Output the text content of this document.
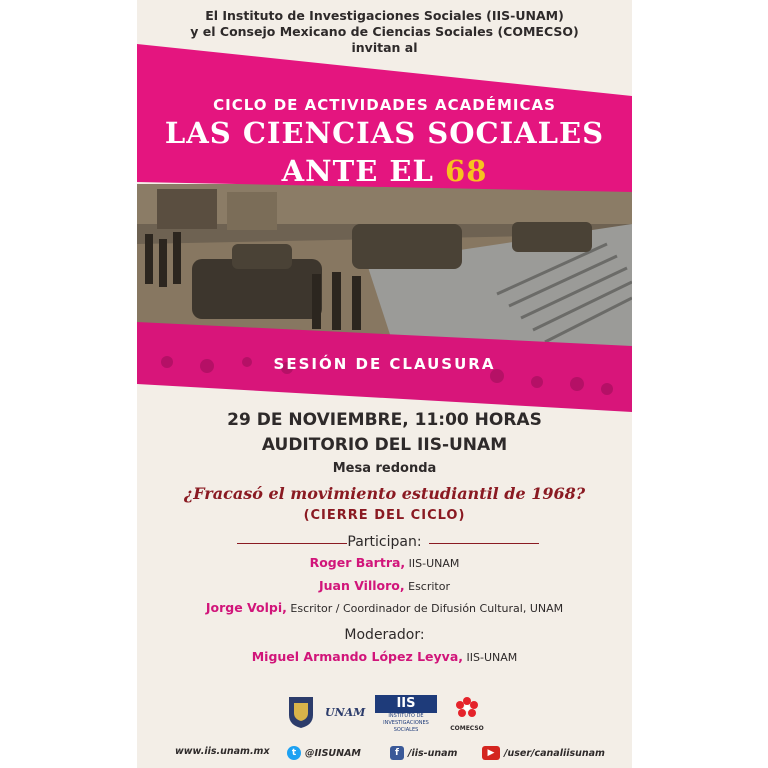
El Instituto de Investigaciones Sociales (IIS-UNAM)
y el Consejo Mexicano de Ciencias Sociales (COMECSO)
invitan al
CICLO DE ACTIVIDADES ACADÉMICAS
LAS CIENCIAS SOCIALES
ANTE EL 68
SESIÓN DE CLAUSURA
29 DE NOVIEMBRE, 11:00 HORAS
AUDITORIO DEL IIS-UNAM
Mesa redonda
¿Fracasó el movimiento estudiantil de 1968?
(CIERRE DEL CICLO)
Participan:
Roger Bartra, IIS-UNAM
Juan Villoro, Escritor
Jorge Volpi, Escritor / Coordinador de Difusión Cultural, UNAM
Moderador:
Miguel Armando López Leyva, IIS-UNAM
UNAM
IIS
INSTITUTO DE INVESTIGACIONES SOCIALES	COMECSO
www.iis.unam.mx	t @IISUNAM	f /iis-unam	▶	/user/canaliisunam
